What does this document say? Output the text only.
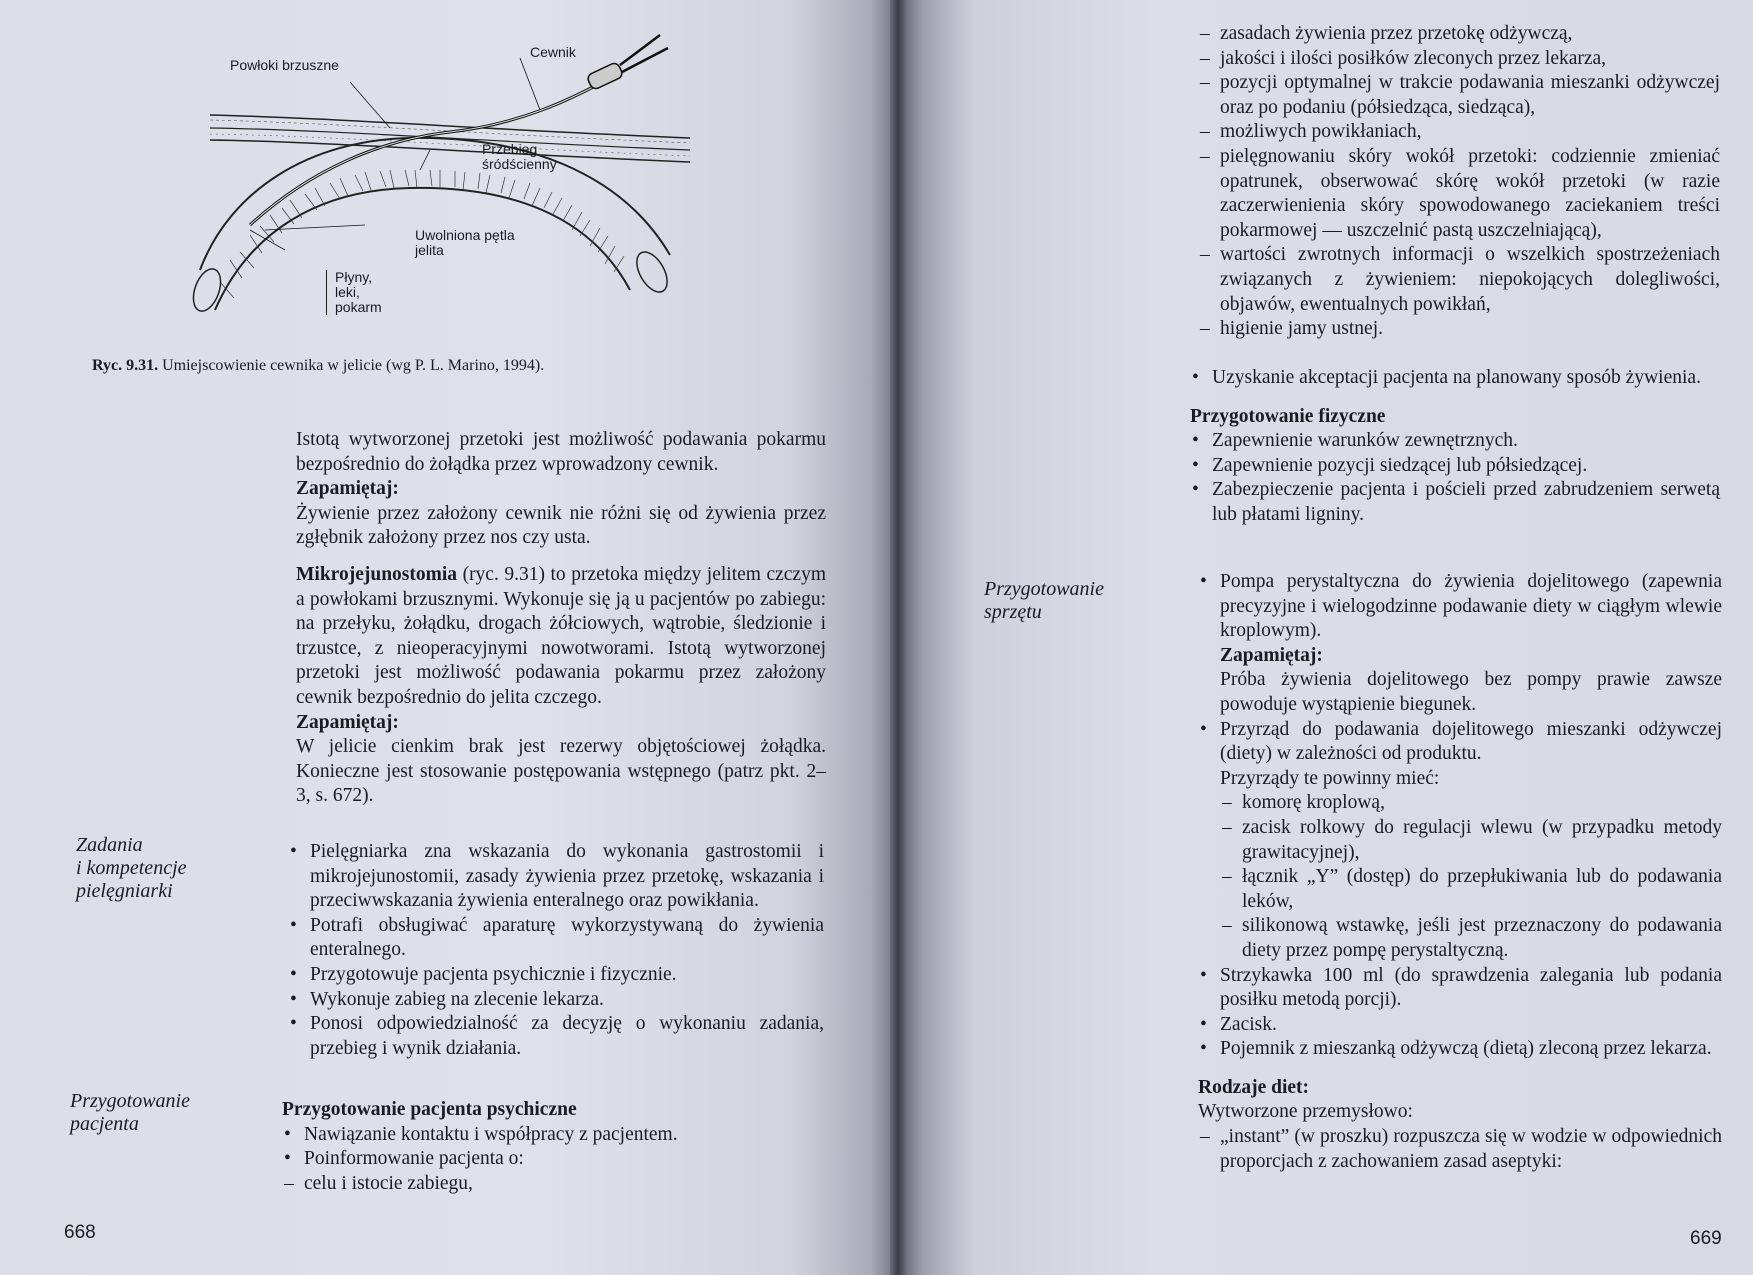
Powłoki brzuszne
Cewnik
Przebieg
śródścienny
Uwolniona pętla
jelita
Płyny,
leki,
pokarm
Ryc. 9.31. Umiejscowienie cewnika w jelicie (wg P. L. Marino, 1994).

Istotą wytworzonej przetoki jest możliwość podawania pokarmu bezpośrednio do żołądka przez wprowadzony cewnik.

Zapamiętaj:

Żywienie przez założony cewnik nie różni się od żywienia przez zgłębnik założony przez nos czy usta.

Mikrojejunostomia (ryc. 9.31) to przetoka między jelitem czczym a powłokami brzusznymi. Wykonuje się ją u pacjentów po zabiegu: na przełyku, żołądku, drogach żółciowych, wątrobie, śledzionie i trzustce, z nieoperacyjnymi nowotworami. Istotą wytworzonej przetoki jest możliwość podawania pokarmu przez założony cewnik bezpośrednio do jelita czczego.

Zapamiętaj:

W jelicie cienkim brak jest rezerwy objętościowej żołądka. Konieczne jest stosowanie postępowania wstępnego (patrz pkt. 2–3, s. 672).

Zadania
i kompetencje
pielęgniarki
• Pielęgniarka zna wskazania do wykonania gastrostomii i mikrojejunostomii, zasady żywienia przez przetokę, wskazania i przeciwwskazania żywienia enteralnego oraz powikłania.
• Potrafi obsługiwać aparaturę wykorzystywaną do żywienia enteralnego.
• Przygotowuje pacjenta psychicznie i fizycznie.
• Wykonuje zabieg na zlecenie lekarza.
• Ponosi odpowiedzialność za decyzję o wykonaniu zadania, przebieg i wynik działania.
Przygotowanie
pacjenta

Przygotowanie pacjenta psychiczne

• Nawiązanie kontaktu i współpracy z pacjentem.
• Poinformowanie pacjenta o:
– celu i istocie zabiegu,
668
– zasadach żywienia przez przetokę odżywczą,
– jakości i ilości posiłków zleconych przez lekarza,
– pozycji optymalnej w trakcie podawania mieszanki odżywczej oraz po podaniu (półsiedząca, siedząca),
– możliwych powikłaniach,
– pielęgnowaniu skóry wokół przetoki: codziennie zmieniać opatrunek, obserwować skórę wokół przetoki (w razie zaczerwienienia skóry spowodowanego zaciekaniem treści pokarmowej — uszczelnić pastą uszczelniającą),
– wartości zwrotnych informacji o wszelkich spostrzeżeniach związanych z żywieniem: niepokojących dolegliwości, objawów, ewentualnych powikłań,
– higienie jamy ustnej.
• Uzyskanie akceptacji pacjenta na planowany sposób żywienia.

Przygotowanie fizyczne

• Zapewnienie warunków zewnętrznych.
• Zapewnienie pozycji siedzącej lub półsiedzącej.
• Zabezpieczenie pacjenta i pościeli przed zabrudzeniem serwetą lub płatami ligniny.
Przygotowanie
sprzętu
• Pompa perystaltyczna do żywienia dojelitowego (zapewnia precyzyjne i wielogodzinne podawanie diety w ciągłym wlewie kroplowym).
Zapamiętaj:
Próba żywienia dojelitowego bez pompy prawie zawsze powoduje wystąpienie biegunek.
• Przyrząd do podawania dojelitowego mieszanki odżywczej (diety) w zależności od produktu.
Przyrządy te powinny mieć:
– komorę kroplową,
– zacisk rolkowy do regulacji wlewu (w przypadku metody grawitacyjnej),
– łącznik „Y” (dostęp) do przepłukiwania lub do podawania leków,
– silikonową wstawkę, jeśli jest przeznaczony do podawania diety przez pompę perystaltyczną.
• Strzykawka 100 ml (do sprawdzenia zalegania lub podania posiłku metodą porcji).
• Zacisk.
• Pojemnik z mieszanką odżywczą (dietą) zleconą przez lekarza.

Rodzaje diet:

Wytworzone przemysłowo:

– „instant” (w proszku) rozpuszcza się w wodzie w odpowiednich proporcjach z zachowaniem zasad aseptyki:
669
